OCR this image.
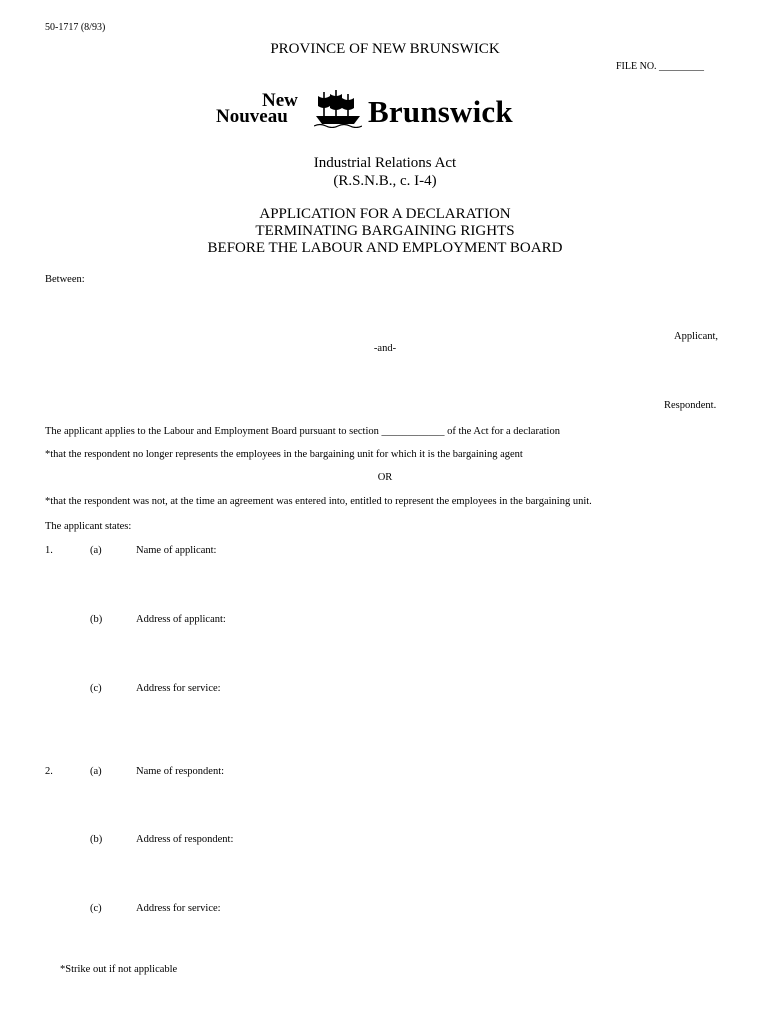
50-1717 (8/93)
PROVINCE OF NEW BRUNSWICK
FILE NO. _________
New
Nouveau	Brunswick
Industrial Relations Act
(R.S.N.B., c. I-4)
APPLICATION FOR A DECLARATION
TERMINATING BARGAINING RIGHTS
BEFORE THE LABOUR AND EMPLOYMENT BOARD
Between:
Applicant,
-and-
Respondent.
The applicant applies to the Labour and Employment Board pursuant to section ____________ of the Act for a declaration
*that the respondent no longer represents the employees in the bargaining unit for which it is the bargaining agent
OR
*that the respondent was not, at the time an agreement was entered into, entitled to represent the employees in the bargaining unit.
The applicant states:
1.	(a)	Name of applicant:
(b)	Address of applicant:
(c)	Address for service:
2.	(a)	Name of respondent:
(b)	Address of respondent:
(c)	Address for service:
*Strike out if not applicable
